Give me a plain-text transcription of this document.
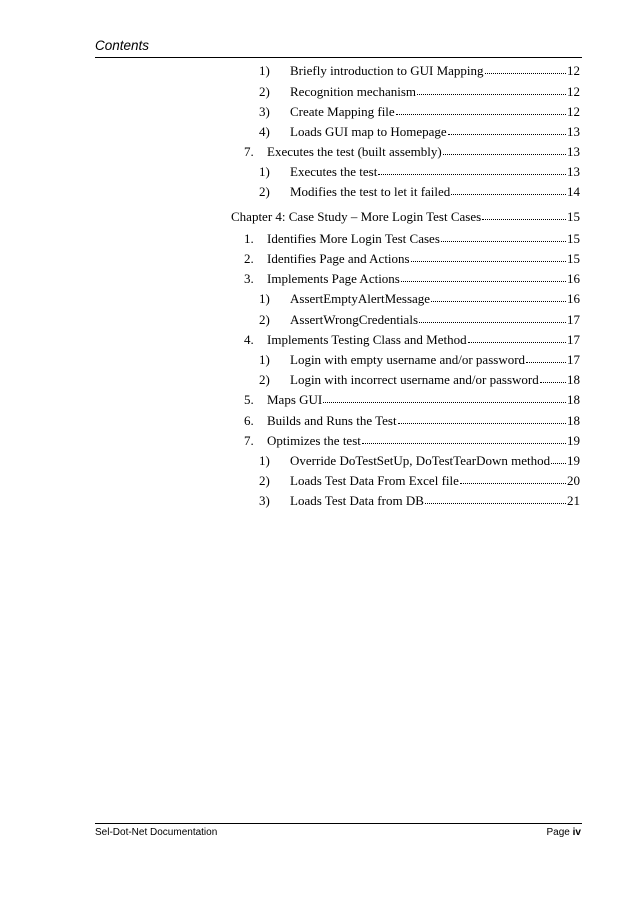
Contents
1)	Briefly introduction to GUI Mapping	12
2)	Recognition mechanism	12
3)	Create Mapping file	12
4)	Loads GUI map to Homepage	13
7.	Executes the test (built assembly)	13
1)	Executes the test	13
2)	Modifies the test to let it failed	14
Chapter 4: Case Study – More Login Test Cases	15
1.	Identifies More Login Test Cases	15
2.	Identifies Page and Actions	15
3.	Implements Page Actions	16
1)	AssertEmptyAlertMessage	16
2)	AssertWrongCredentials	17
4.	Implements Testing Class and Method	17
1)	Login with empty username and/or password	17
2)	Login with incorrect username and/or password 18
5.	Maps GUI	18
6.	Builds and Runs the Test	18
7.	Optimizes the test	19
1)	Override DoTestSetUp, DoTestTearDown method 19
2)	Loads Test Data From Excel file	20
3)	Loads Test Data from DB	21
Sel-Dot-Net Documentation	Page iv
